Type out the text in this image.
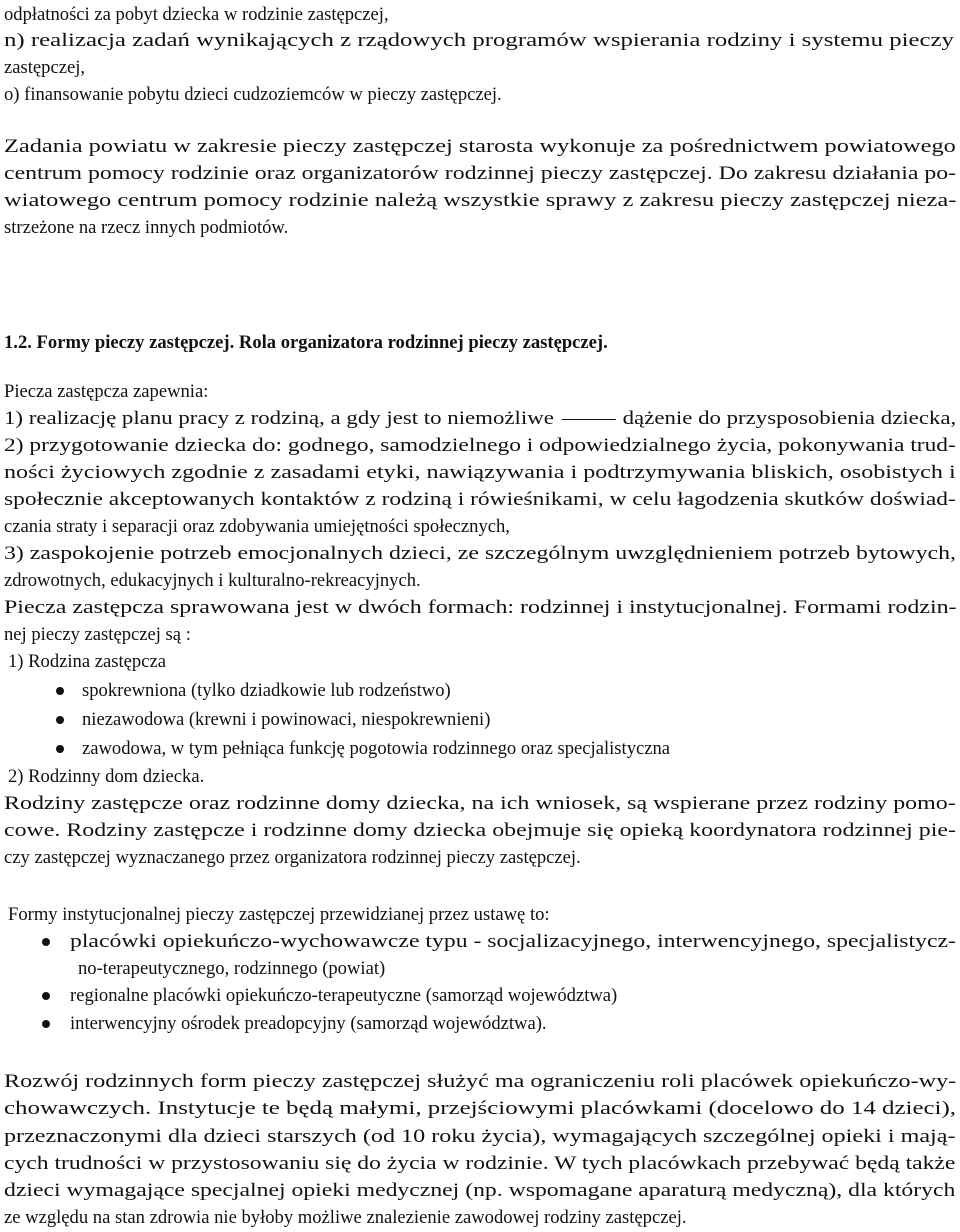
odpłatności za pobyt dziecka w rodzinie zastępczej,
n) realizacja zadań wynikających z rządowych programów wspierania rodziny i systemu pieczy
zastępczej,
o) finansowanie pobytu dzieci cudzoziemców w pieczy zastępczej.
Zadania powiatu w zakresie pieczy zastępczej starosta wykonuje za pośrednictwem powiatowego
centrum pomocy rodzinie oraz organizatorów rodzinnej pieczy zastępczej. Do zakresu działania po-
wiatowego centrum pomocy rodzinie należą wszystkie sprawy z zakresu pieczy zastępczej nieza-
strzeżone na rzecz innych podmiotów.
1.2. Formy pieczy zastępczej. Rola organizatora rodzinnej pieczy zastępczej.
Piecza zastępcza zapewnia:
1) realizację planu pracy z rodziną, a gdy jest to niemożliwe	dążenie do przysposobienia dziecka,
2) przygotowanie dziecka do: godnego, samodzielnego i odpowiedzialnego życia, pokonywania trud-
ności życiowych zgodnie z zasadami etyki, nawiązywania i podtrzymywania bliskich, osobistych i
społecznie akceptowanych kontaktów z rodziną i rówieśnikami, w celu łagodzenia skutków doświad-
czania straty i separacji oraz zdobywania umiejętności społecznych,
3) zaspokojenie potrzeb emocjonalnych dzieci, ze szczególnym uwzględnieniem potrzeb bytowych,
zdrowotnych, edukacyjnych i kulturalno-rekreacyjnych.
Piecza zastępcza sprawowana jest w dwóch formach: rodzinnej i instytucjonalnej. Formami rodzin-
nej pieczy zastępczej są :
1) Rodzina zastępcza
spokrewniona (tylko dziadkowie lub rodzeństwo)
niezawodowa (krewni i powinowaci, niespokrewnieni)
zawodowa, w tym pełniąca funkcję pogotowia rodzinnego oraz specjalistyczna
2) Rodzinny dom dziecka.
Rodziny zastępcze oraz rodzinne domy dziecka, na ich wniosek, są wspierane przez rodziny pomo-
cowe. Rodziny zastępcze i rodzinne domy dziecka obejmuje się opieką koordynatora rodzinnej pie-
czy zastępczej wyznaczanego przez organizatora rodzinnej pieczy zastępczej.
Formy instytucjonalnej pieczy zastępczej przewidzianej przez ustawę to:
placówki opiekuńczo-wychowawcze typu - socjalizacyjnego, interwencyjnego, specjalistycz-
no-terapeutycznego, rodzinnego (powiat)
regionalne placówki opiekuńczo-terapeutyczne (samorząd województwa)
interwencyjny ośrodek preadopcyjny (samorząd województwa).
Rozwój rodzinnych form pieczy zastępczej służyć ma ograniczeniu roli placówek opiekuńczo-wy-
chowawczych. Instytucje te będą małymi, przejściowymi placówkami (docelowo do 14 dzieci),
przeznaczonymi dla dzieci starszych (od 10 roku życia), wymagających szczególnej opieki i mają-
cych trudności w przystosowaniu się do życia w rodzinie. W tych placówkach przebywać będą także
dzieci wymagające specjalnej opieki medycznej (np. wspomagane aparaturą medyczną), dla których
ze względu na stan zdrowia nie byłoby możliwe znalezienie zawodowej rodziny zastępczej.
